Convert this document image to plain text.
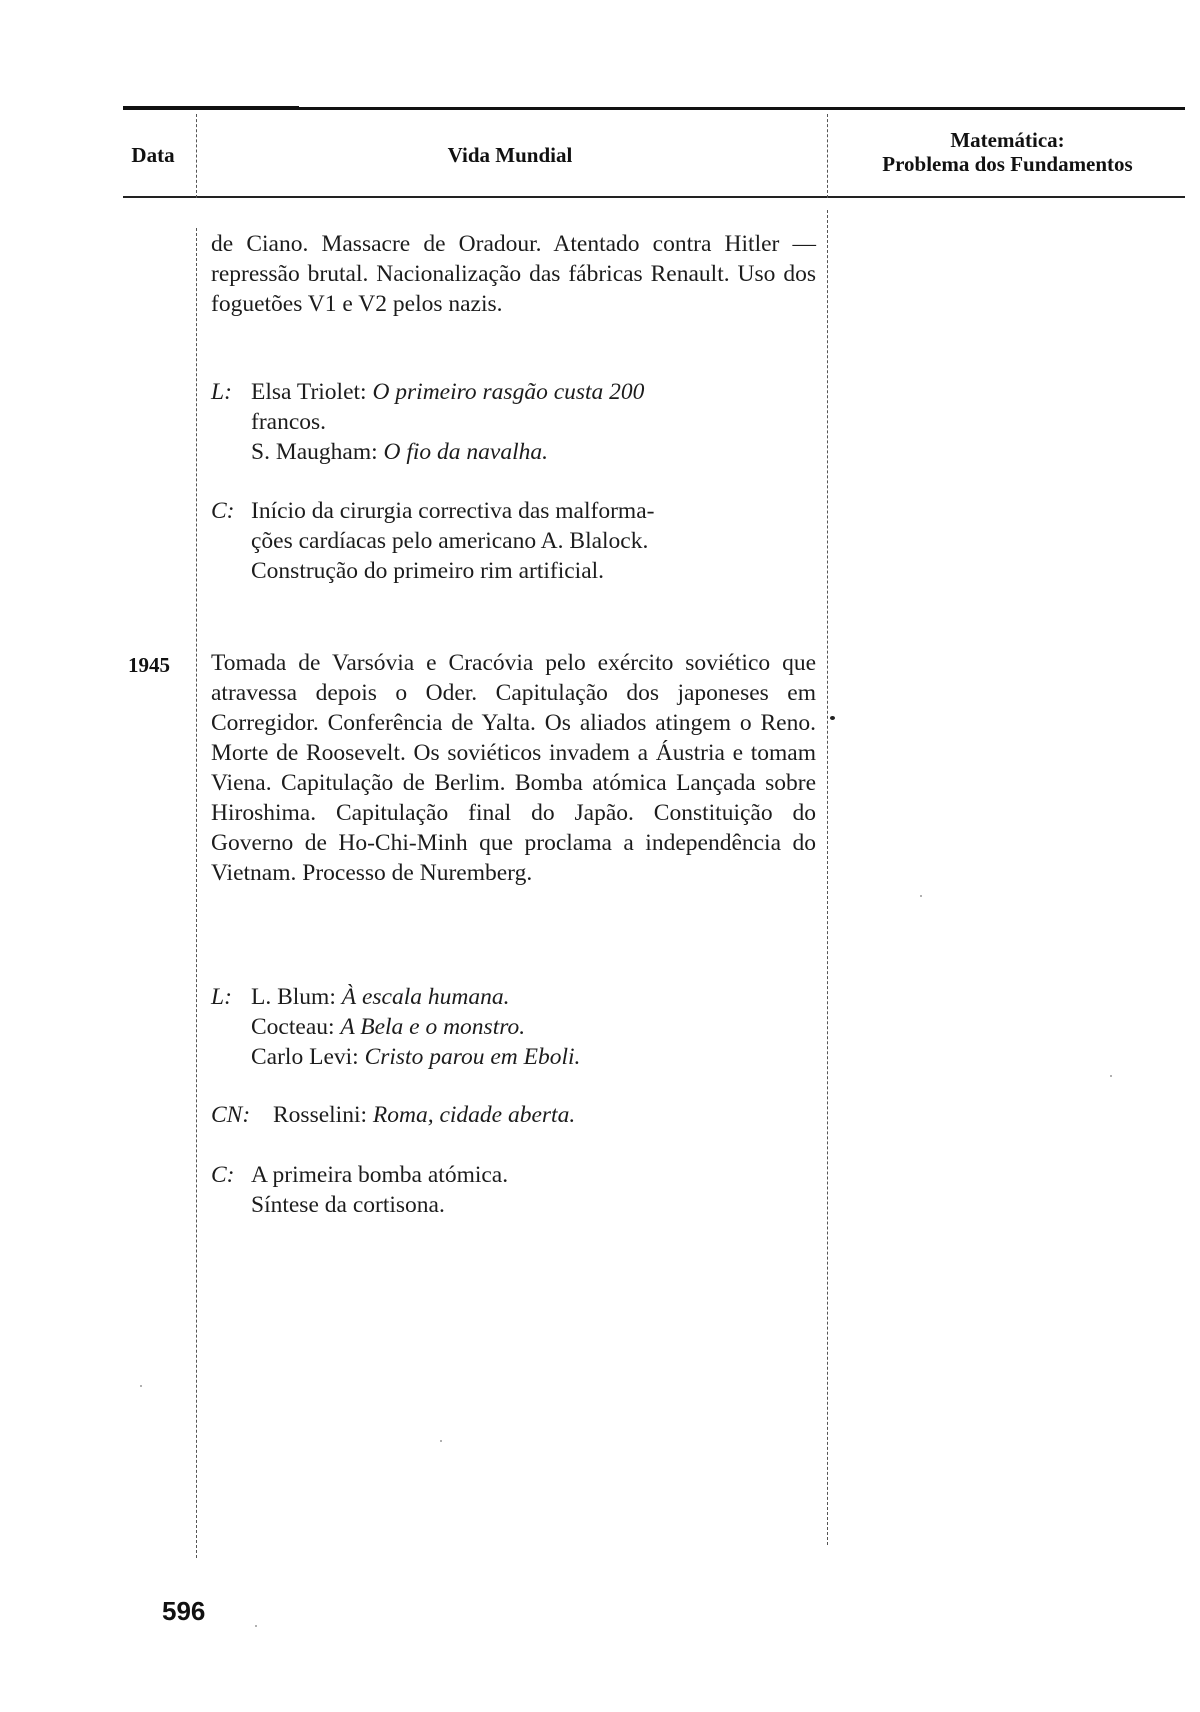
Data	Vida Mundial
Matemática:
Problema dos Fundamentos

de Ciano. Massacre de Oradour. Atentado contra Hitler — repressão brutal. Nacionalização das fábricas Renault. Uso dos foguetões V1 e V2 pelos nazis.

L: Elsa Triolet: O primeiro rasgão custa 200
francos.
S. Maugham: O fio da navalha.
C: Início da cirurgia correctiva das malforma-
ções cardíacas pelo americano A. Blalock.
Construção do primeiro rim artificial.
1945 Tomada de Varsóvia e Cracóvia pelo exército soviético que atravessa depois o Oder. Capitulação dos japoneses em Corregidor. Conferência de Yalta. Os aliados atingem o Reno. Morte de Roosevelt. Os soviéticos invadem a Áustria e tomam Viena. Capitulação de Berlim. Bomba atómica Lançada sobre Hiroshima. Capitulação final do Japão. Constituição do Governo de Ho-Chi-Minh que proclama a independência do Vietnam. Processo de Nuremberg.

L: L. Blum: À escala humana.
Cocteau: A Bela e o monstro.
Carlo Levi: Cristo parou em Eboli.
CN: Rosselini: Roma, cidade aberta.
C: A primeira bomba atómica.
Síntese da cortisona.
596
